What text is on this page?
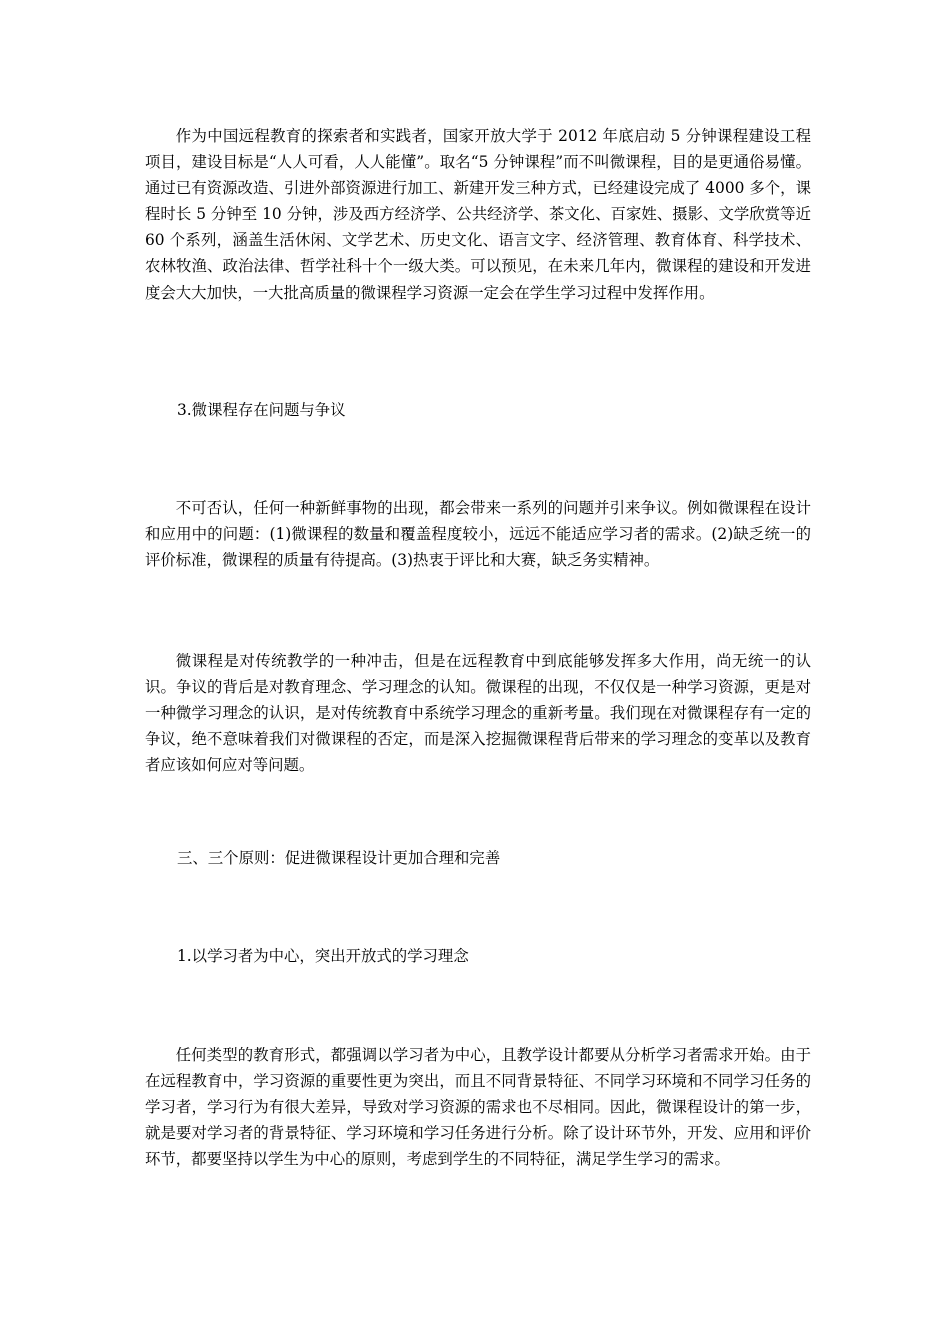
作为中国远程教育的探索者和实践者，国家开放大学于 2012 年底启动 5 分钟课程建设工程项目，建设目标是“人人可看，人人能懂”。取名“5 分钟课程”而不叫微课程，目的是更通俗易懂。通过已有资源改造、引进外部资源进行加工、新建开发三种方式，已经建设完成了 4000 多个，课程时长 5 分钟至 10 分钟，涉及西方经济学、公共经济学、茶文化、百家姓、摄影、文学欣赏等近 60 个系列，涵盖生活休闲、文学艺术、历史文化、语言文字、经济管理、教育体育、科学技术、农林牧渔、政治法律、哲学社科十个一级大类。可以预见，在未来几年内，微课程的建设和开发进度会大大加快，一大批高质量的微课程学习资源一定会在学生学习过程中发挥作用。

3.微课程存在问题与争议

不可否认，任何一种新鲜事物的出现，都会带来一系列的问题并引来争议。例如微课程在设计和应用中的问题：(1)微课程的数量和覆盖程度较小，远远不能适应学习者的需求。(2)缺乏统一的评价标准，微课程的质量有待提高。(3)热衷于评比和大赛，缺乏务实精神。

微课程是对传统教学的一种冲击，但是在远程教育中到底能够发挥多大作用，尚无统一的认识。争议的背后是对教育理念、学习理念的认知。微课程的出现，不仅仅是一种学习资源，更是对一种微学习理念的认识，是对传统教育中系统学习理念的重新考量。我们现在对微课程存有一定的争议，绝不意味着我们对微课程的否定，而是深入挖掘微课程背后带来的学习理念的变革以及教育者应该如何应对等问题。

三、三个原则：促进微课程设计更加合理和完善

1.以学习者为中心，突出开放式的学习理念

任何类型的教育形式，都强调以学习者为中心，且教学设计都要从分析学习者需求开始。由于在远程教育中，学习资源的重要性更为突出，而且不同背景特征、不同学习环境和不同学习任务的学习者，学习行为有很大差异，导致对学习资源的需求也不尽相同。因此，微课程设计的第一步，就是要对学习者的背景特征、学习环境和学习任务进行分析。除了设计环节外，开发、应用和评价环节，都要坚持以学生为中心的原则，考虑到学生的不同特征，满足学生学习的需求。
